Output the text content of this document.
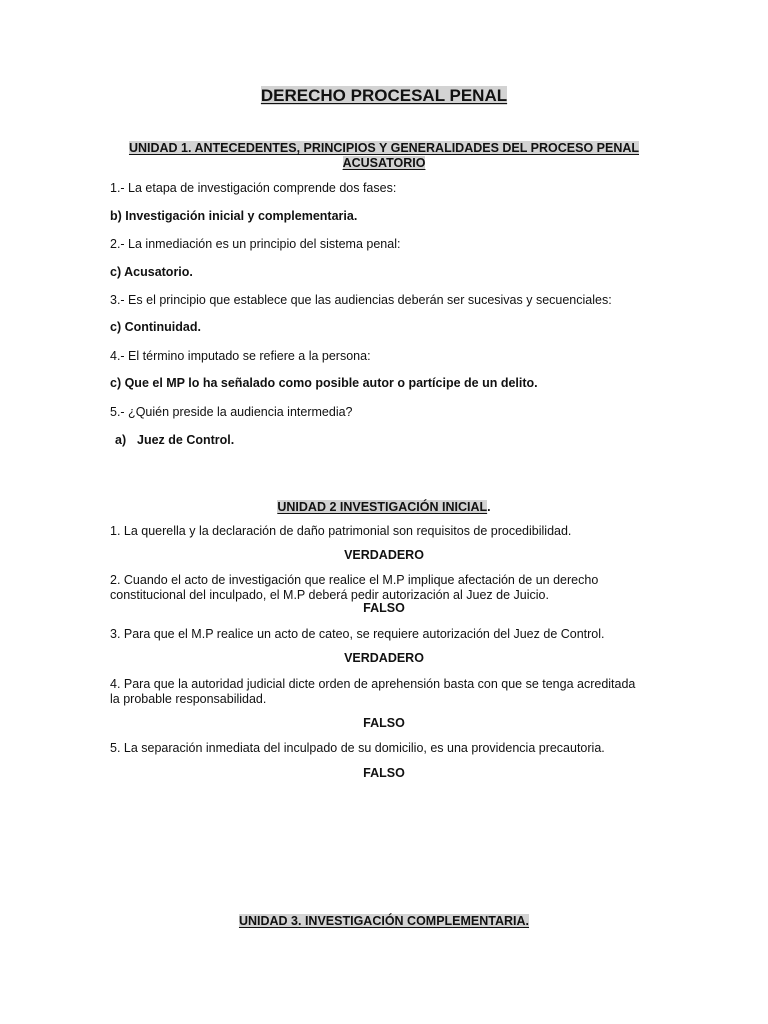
DERECHO PROCESAL PENAL
UNIDAD 1. ANTECEDENTES, PRINCIPIOS Y GENERALIDADES DEL PROCESO PENAL
ACUSATORIO
1.- La etapa de investigación comprende dos fases:
b) Investigación inicial y complementaria.
2.- La inmediación es un principio del sistema penal:
c) Acusatorio.
3.- Es el principio que establece que las audiencias deberán ser sucesivas y secuenciales:
c) Continuidad.
4.- El término imputado se refiere a la persona:
c) Que el MP lo ha señalado como posible autor o partícipe de un delito.
5.- ¿Quién preside la audiencia intermedia?
a) Juez de Control.
UNIDAD 2 INVESTIGACIÓN INICIAL.
1. La querella y la declaración de daño patrimonial son requisitos de procedibilidad.
VERDADERO
2. Cuando el acto de investigación que realice el M.P implique afectación de un derecho
constitucional del inculpado, el M.P deberá pedir autorización al Juez de Juicio.
FALSO
3. Para que el M.P realice un acto de cateo, se requiere autorización del Juez de Control.
VERDADERO
4. Para que la autoridad judicial dicte orden de aprehensión basta con que se tenga acreditada
la probable responsabilidad.
FALSO
5. La separación inmediata del inculpado de su domicilio, es una providencia precautoria.
FALSO
UNIDAD 3. INVESTIGACIÓN COMPLEMENTARIA.
